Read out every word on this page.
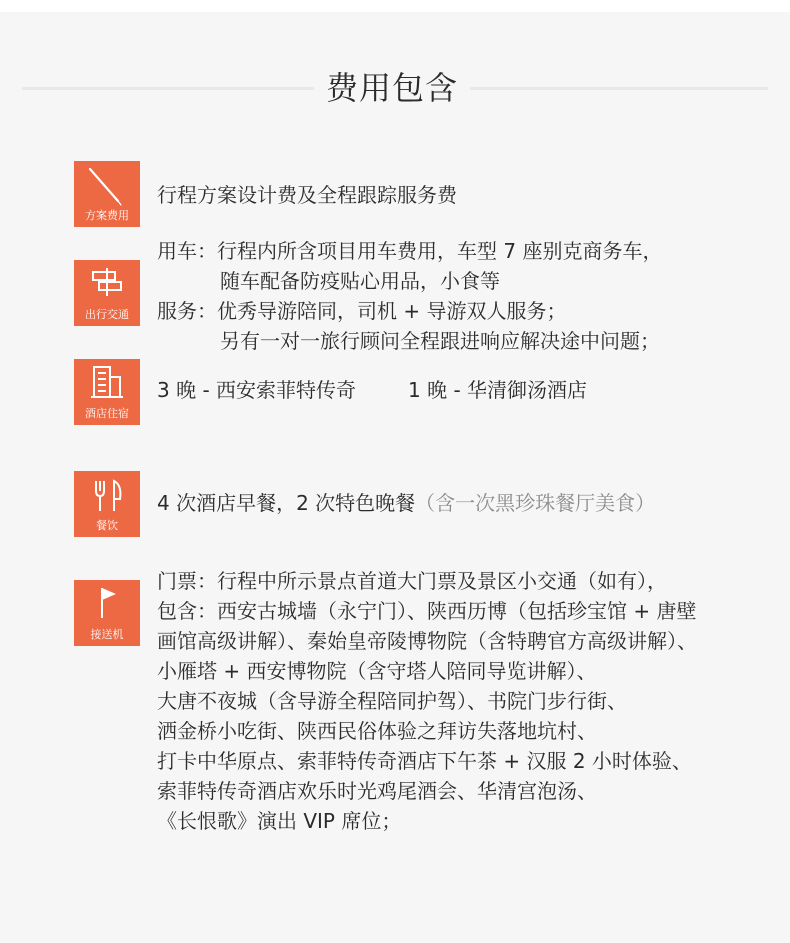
费用包含
方案费用
行程方案设计费及全程跟踪服务费
出行交通
用车：行程内所含项目用车费用，车型 7 座别克商务车，
随车配备防疫贴心用品，小食等
服务：优秀导游陪同，司机 + 导游双人服务；
另有一对一旅行顾问全程跟进响应解决途中问题；
酒店住宿
3 晚 - 西安索菲特传奇	1 晚 - 华清御汤酒店
餐饮
4 次酒店早餐，2 次特色晚餐（含一次黑珍珠餐厅美食）
接送机
门票：行程中所示景点首道大门票及景区小交通（如有），
包含：西安古城墙（永宁门）、陕西历博（包括珍宝馆 + 唐壁
画馆高级讲解）、秦始皇帝陵博物院（含特聘官方高级讲解）、
小雁塔 + 西安博物院（含守塔人陪同导览讲解）、
大唐不夜城（含导游全程陪同护驾）、书院门步行街、
洒金桥小吃街、陕西民俗体验之拜访失落地坑村、
打卡中华原点、索菲特传奇酒店下午茶 + 汉服 2 小时体验、
索菲特传奇酒店欢乐时光鸡尾酒会、华清宫泡汤、
《长恨歌》演出 VIP 席位；
